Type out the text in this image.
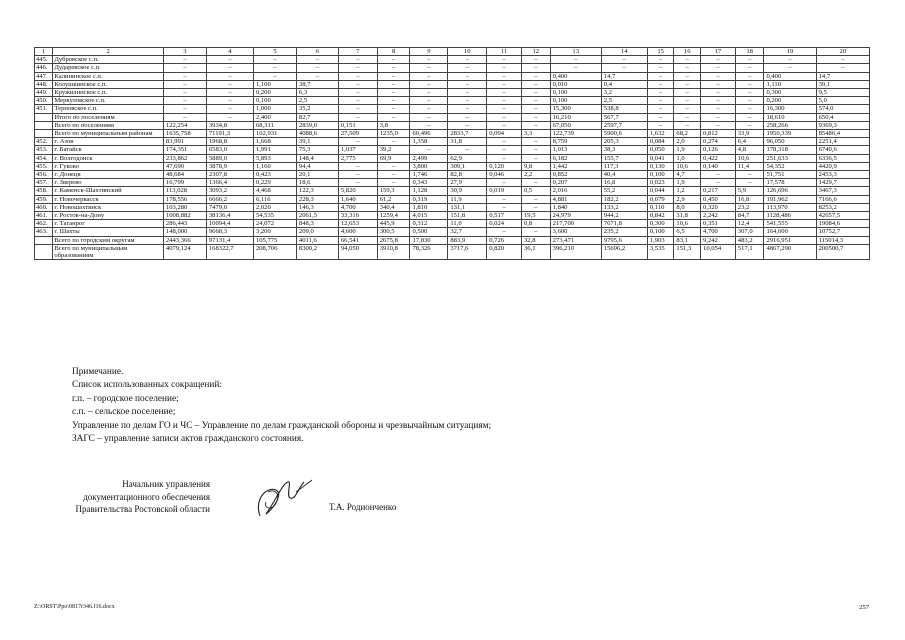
1	2	3	4	5	6	7	8	9	10	11	12	13	14	15	16	17	18	19	20
445.	Дубровское с.п.	–	–	–	–	–	–	–	–	–	–	–	–	–	–	–	–	–	–
446.	Дударевское с.п.	–	–	–	–	–	–	–	–	–	–	–	–	–	–	–	–	–	–
447.	Калининское с.п.	–	–	–	–	–	–	–	–	–	–	0,400	14,7	–	–	–	–	0,400	14,7
448.	Колушкинское с.п.	–	–	1,100	38,7	–	–	–	–	–	–	0,010	0,4	–	–	–	–	1,110	39,1
449.	Кружилинское с.п.	–	–	0,200	6,3	–	–	–	–	–	–	0,100	3,2	–	–	–	–	0,300	9,5
450.	Меркуловское с.п.	–	–	0,100	2,5	–	–	–	–	–	–	0,100	2,5	–	–	–	–	0,200	5,0
451.	Терновское с.п.	–	–	1,000	35,2	–	–	–	–	–	–	15,300	538,8	–	–	–	–	16,300	574,0
	Итого по поселениям	–	–	2,400	82,7	–	–	–	–	–	–	16,210	567,7	–	–	–	–	18,610	650,4
	Всего по поселениям	122,254	3934,8	68,311	2839,0	0,151	3,8	–	–	–	–	67,050	2597,7	–	–	–	–	258,266	9369,3
	Всего по муниципальным районам	1635,758	71191,3	102,931	4088,6	27,509	1235,0	60,496	2833,7	0,094	3,3	122,739	5900,6	1,632	68,2	0,812	33,9	1950,339	85486,4
452.	г. Азов	83,991	1968,8	1,668	39,1	–	–	1,358	31,8	–	–	8,759	205,3	0,084	2,0	0,274	6,4	96,050	2251,4
453.	г. Батайск	174,351	6583,0	1,991	75,3	1,037	39,2	–	–	–	–	1,013	38,3	0,050	1,9	0,126	4,8	178,318	6740,6
454.	г. Волгодонск	233,862	5889,0	5,893	148,4	2,775	69,9	2,499	62,9	–	–	6,182	155,7	0,041	1,0	0,422	10,6	251,633	6336,5
455.	г. Гуково	47,690	3878,9	1,160	94,4	–	–	3,800	309,1	0,120	9,8	1,442	117,3	0,130	10,6	0,140	11,4	54,352	4420,9
456.	г. Донецк	48,684	2307,8	0,423	20,1	–	–	1,746	82,8	0,046	2,2	0,852	40,4	0,100	4,7	–	–	51,751	2453,3
457.	г. Зверево	16,799	1366,4	0,229	18,6	–	–	0,343	27,9	–	–	0,207	16,8	0,023	1,9	–	–	17,578	1429,7
458.	г. Каменск-Шахтинский	113,028	3093,2	4,468	122,3	5,820	159,3	1,128	30,9	0,019	0,5	2,016	55,2	0,044	1,2	0,217	5,9	126,696	3467,3
459.	г. Новочеркасск	178,556	6666,2	6,116	228,3	1,640	61,2	0,319	11,9	–	–	4,881	182,2	0,079	2,9	0,450	16,8	191,962	7166,6
460.	г. Новошахтинск	103,280	7479,0	2,020	146,3	4,700	340,4	1,810	131,1	–	–	1,840	133,2	0,110	8,0	0,320	23,2	113,970	8253,2
461.	г. Ростов-на-Дону	1008,882	38136,4	54,535	2061,5	33,316	1259,4	4,015	151,8	0,517	19,5	24,979	944,2	0,842	31,8	2,242	84,7	1128,486	42657,5
462.	г. Таганрог	286,443	10094,4	24,072	848,3	12,653	445,9	0,312	11,0	0,024	0,8	217,700	7671,8	0,300	10,6	0,351	12,4	541,555	19084,6
463.	г. Шахты	148,000	9668,3	3,200	209,0	4,600	300,5	0,500	32,7	–	–	3,600	235,2	0,100	6,5	4,700	307,0	164,600	10752,7
	Всего по городским округам	2443,366	97131,4	105,775	4011,6	66,541	2675,8	17,830	883,9	0,726	32,8	273,471	9795,6	1,903	83,1	9,242	483,2	2916,951	115014,3
	Всего по муниципальным образованиям	4079,124	168322,7	208,706	8300,2	94,050	3910,8	78,326	3717,6	0,820	36,1	396,210	15696,2	3,535	151,3	10,054	517,1	4867,290	200500,7
Примечание.
Список использованных сокращений:
г.п. – городское поселение;
с.п. – сельское поселение;
Управление по делам ГО и ЧС – Управление по делам гражданской обороны и чрезвычайным ситуациям;
ЗАГС – управление записи актов гражданского состояния.
Начальник управления
документационного обеспечения
Правительства Ростовской области	Т.А. Родионченко
Z:\ORST\Ppo\0817r346.f16.docx	257
